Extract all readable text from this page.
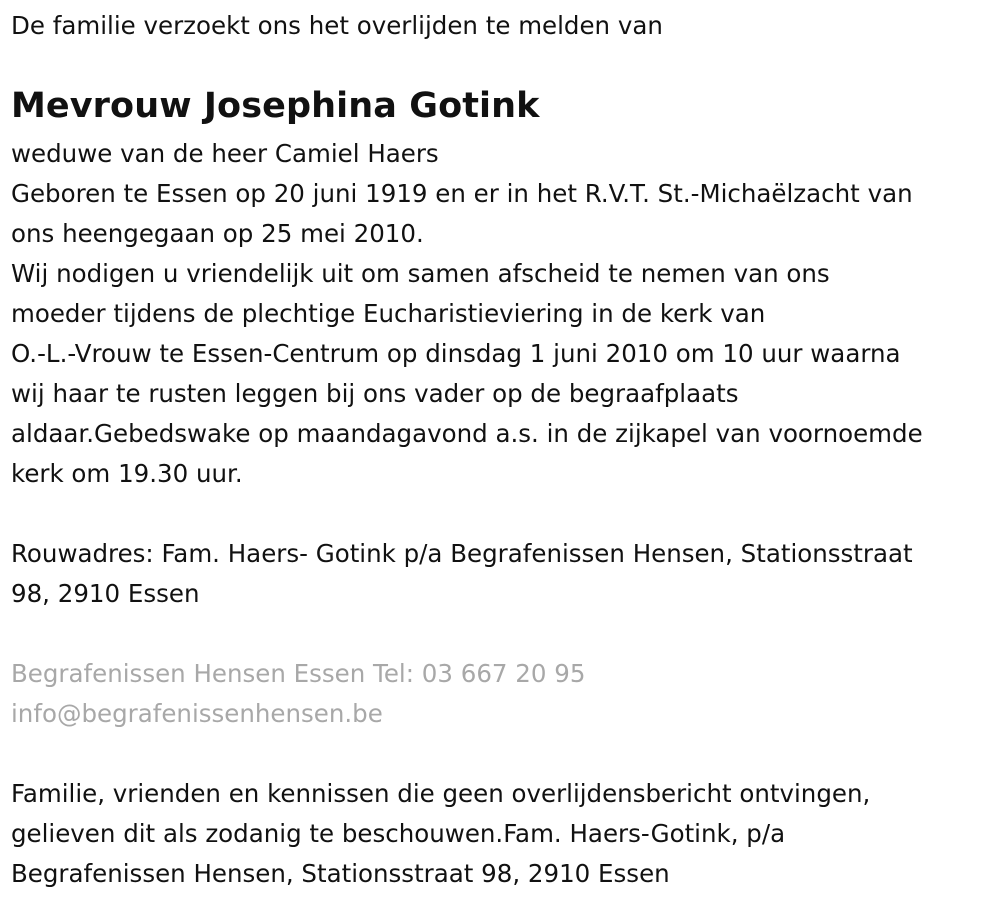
De familie verzoekt ons het overlijden te melden van

Mevrouw Josephina Gotink
weduwe van de heer Camiel Haers
Geboren te Essen op 20 juni 1919 en er in het R.V.T. St.-Michaëlzacht van
ons heengegaan op 25 mei 2010.
Wij nodigen u vriendelijk uit om samen afscheid te nemen van ons
moeder tijdens de plechtige Eucharistieviering in de kerk van
O.-L.-Vrouw te Essen-Centrum op dinsdag 1 juni 2010 om 10 uur waarna
wij haar te rusten leggen bij ons vader op de begraafplaats
aldaar.Gebedswake op maandagavond a.s. in de zijkapel van voornoemde
kerk om 19.30 uur.
Rouwadres: Fam. Haers- Gotink p/a Begrafenissen Hensen, Stationsstraat
98, 2910 Essen
Begrafenissen Hensen Essen Tel: 03 667 20 95
info@begrafenissenhensen.be
Familie, vrienden en kennissen die geen overlijdensbericht ontvingen,
gelieven dit als zodanig te beschouwen.Fam. Haers-Gotink, p/a
Begrafenissen Hensen, Stationsstraat 98, 2910 Essen
